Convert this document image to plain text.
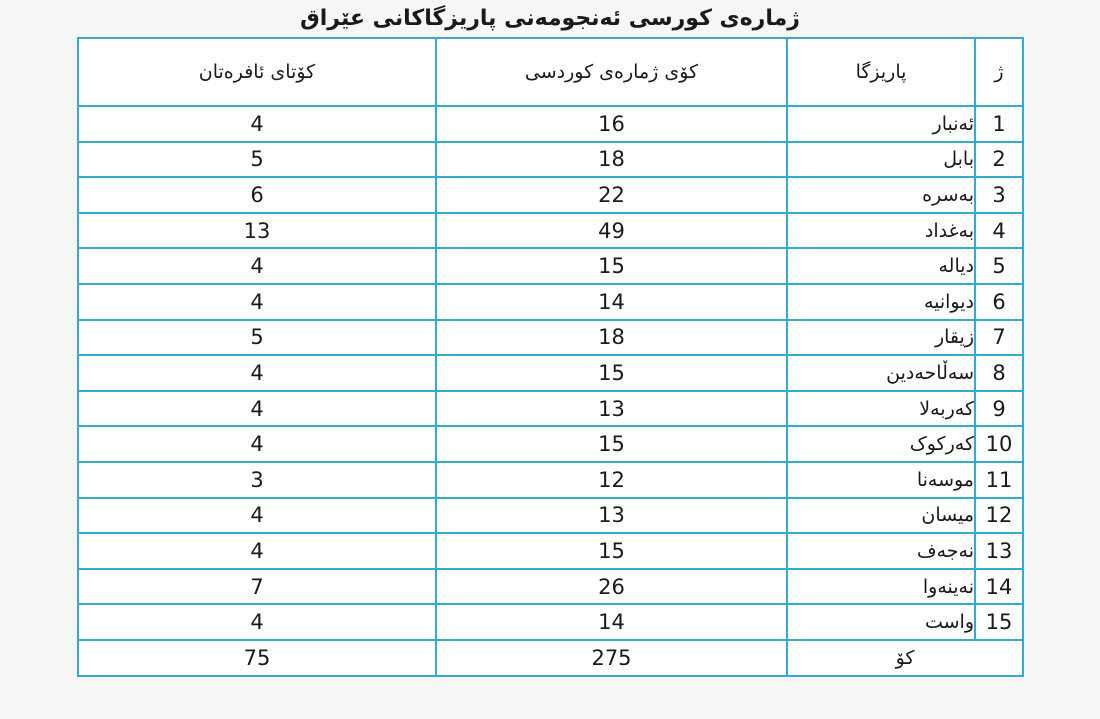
ژمارەی کورسی ئەنجومەنی پاریزگاکانی عێراق
کۆتای ئافرەتان	کۆی ژمارەی کوردسی	پاریزگا	ژ
4	16	ئەنبار	1
5	18	بابل	2
6	22	بەسرە	3
13	49	بەغداد	4
4	15	دیالە	5
4	14	دیوانیە	6
5	18	زیقار	7
4	15	سەڵاحەدین	8
4	13	کەربەلا	9
4	15	کەرکوک	10
3	12	موسەنا	11
4	13	میسان	12
4	15	نەجەف	13
7	26	نەینەوا	14
4	14	واست	15
75	275	کۆ	
